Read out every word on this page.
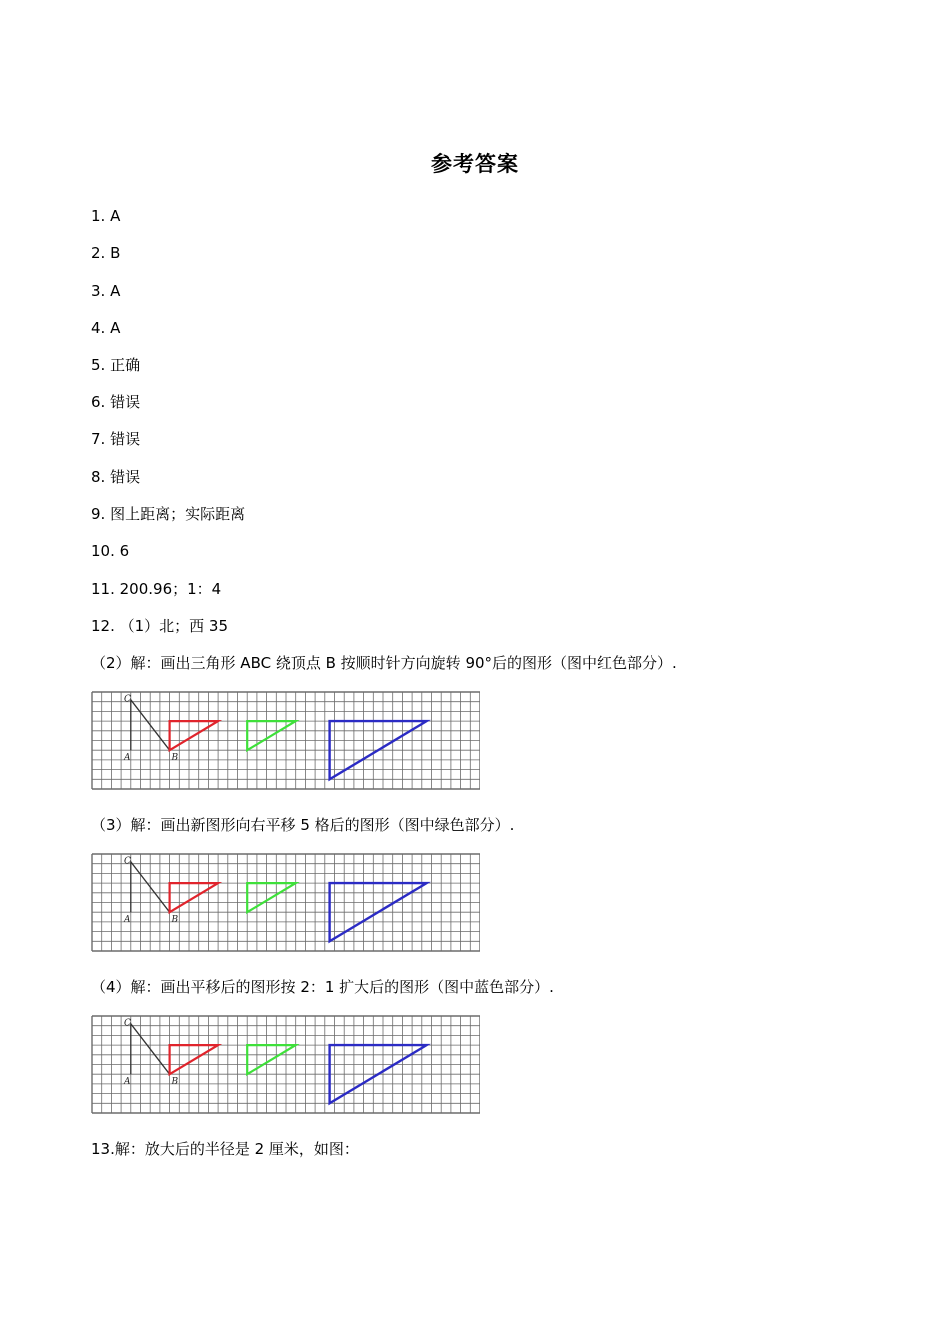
参考答案
1. A
2. B
3. A
4. A
5. 正确
6. 错误
7. 错误
8. 错误
9. 图上距离；实际距离
10. 6
11. 200.96；1：4
12. （1）北；西 35
（2）解：画出三角形 ABC 绕顶点 B 按顺时针方向旋转 90°后的图形（图中红色部分）.
C
A	B
（3）解：画出新图形向右平移 5 格后的图形（图中绿色部分）.
C
A	B
（4）解：画出平移后的图形按 2：1 扩大后的图形（图中蓝色部分）.
C
A	B
13.解：放大后的半径是 2 厘米，如图：
